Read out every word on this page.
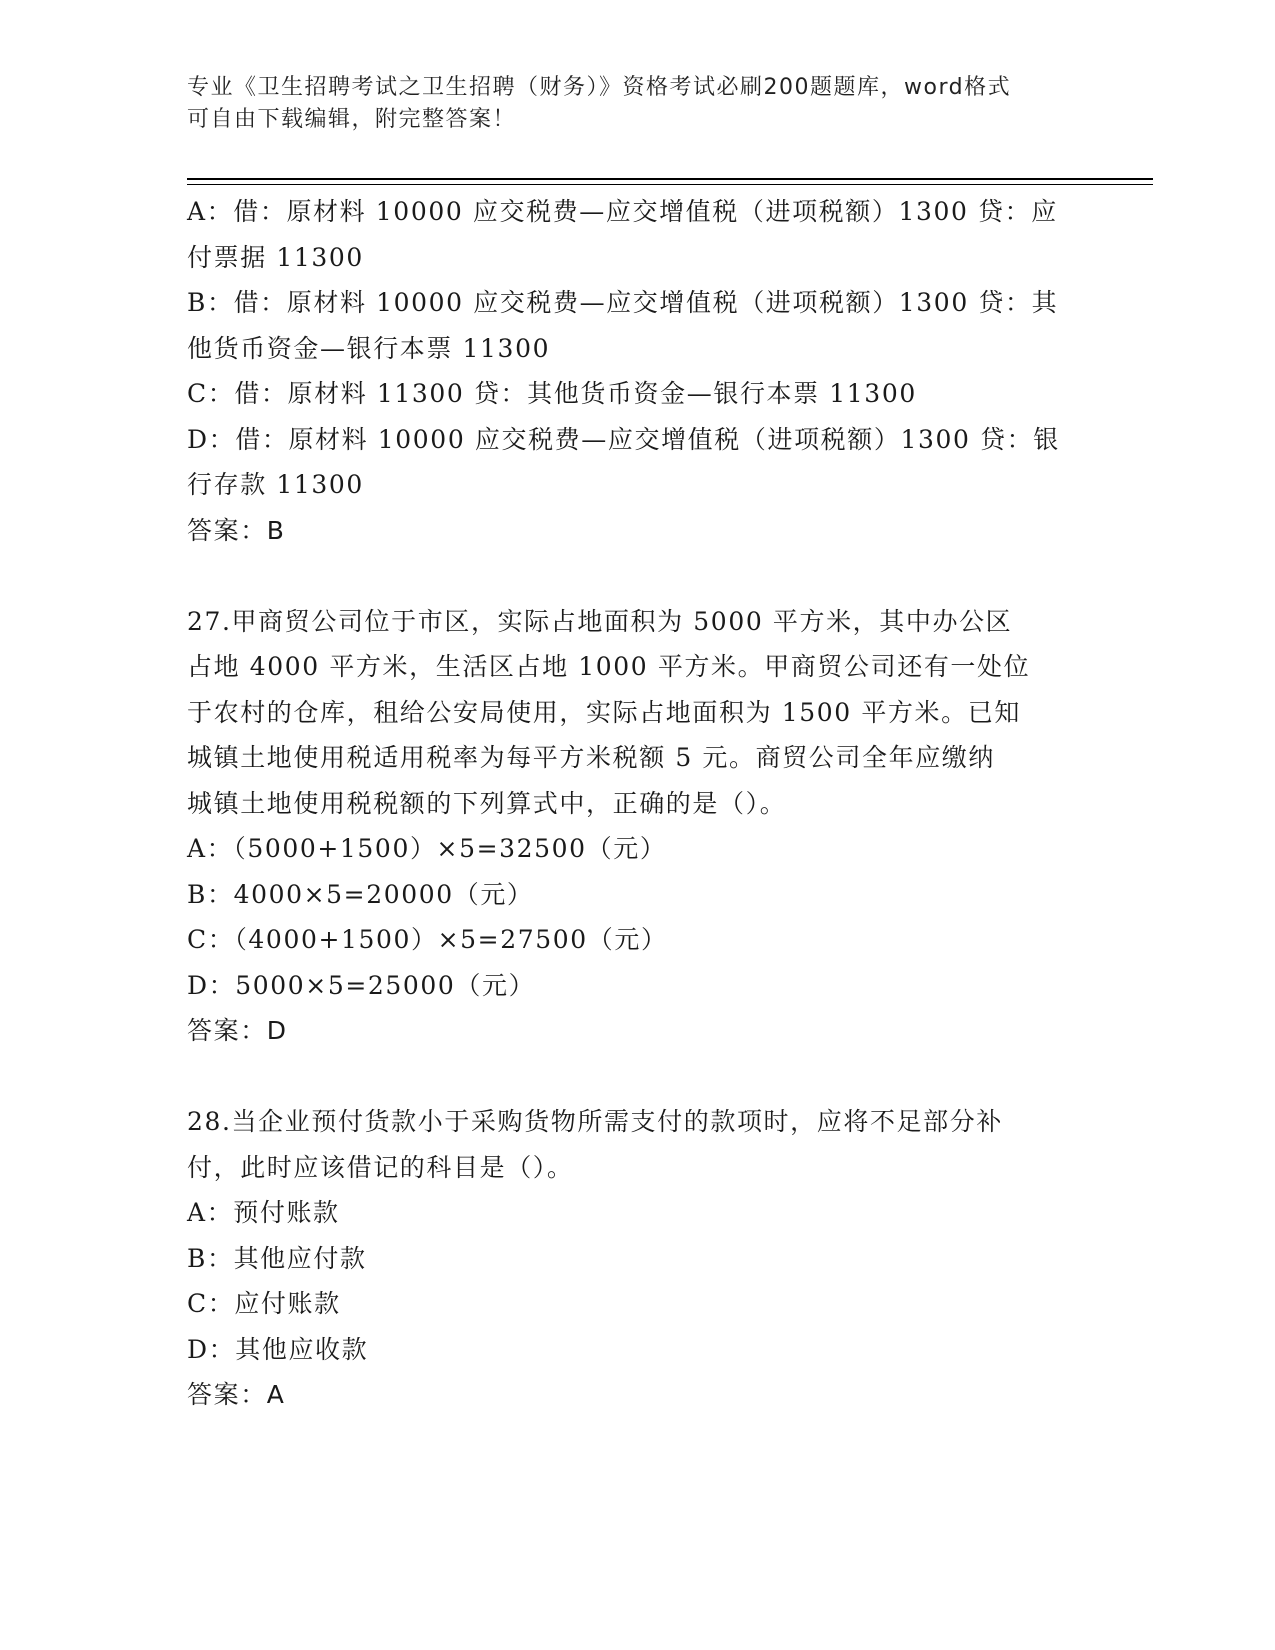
专业《卫生招聘考试之卫生招聘（财务）》资格考试必刷200题题库，word格式
可自由下载编辑，附完整答案！
A：借：原材料 10000 应交税费—应交增值税（进项税额）1300 贷：应
付票据 11300
B：借：原材料 10000 应交税费—应交增值税（进项税额）1300 贷：其
他货币资金—银行本票 11300
C：借：原材料 11300 贷：其他货币资金—银行本票 11300
D：借：原材料 10000 应交税费—应交增值税（进项税额）1300 贷：银
行存款 11300
答案：B
27.甲商贸公司位于市区，实际占地面积为 5000 平方米，其中办公区
占地 4000 平方米，生活区占地 1000 平方米。甲商贸公司还有一处位
于农村的仓库，租给公安局使用，实际占地面积为 1500 平方米。已知
城镇土地使用税适用税率为每平方米税额 5 元。商贸公司全年应缴纳
城镇土地使用税税额的下列算式中，正确的是（）。
A：（5000+1500）×5=32500（元）
B：4000×5=20000（元）
C：（4000+1500）×5=27500（元）
D：5000×5=25000（元）
答案：D
28.当企业预付货款小于采购货物所需支付的款项时，应将不足部分补
付，此时应该借记的科目是（）。
A：预付账款
B：其他应付款
C：应付账款
D：其他应收款
答案：A
